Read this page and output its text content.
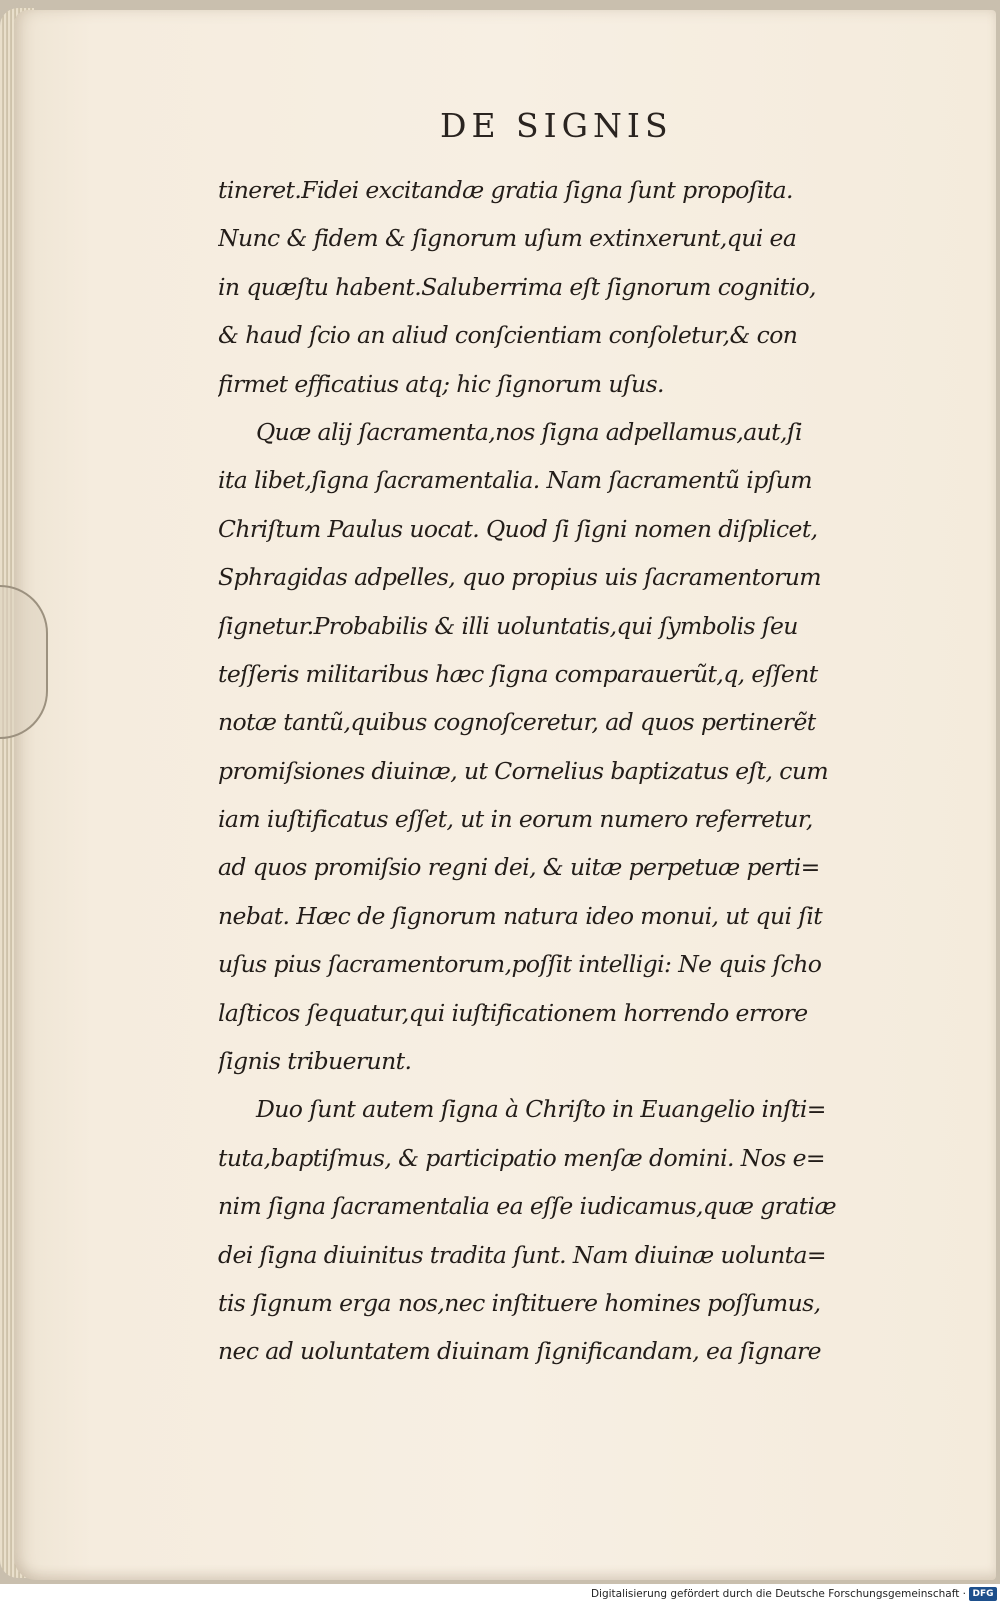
DE SIGNIS
tineret.Fidei excitandæ gratia ſigna ſunt propoſita.
Nunc & fidem & ſignorum uſum extinxerunt,qui ea
in quæſtu habent.Saluberrima eſt ſignorum cognitio,
& haud ſcio an aliud conſcientiam conſoletur,& con
firmet efficatius atq; hic ſignorum uſus.
Quæ alij ſacramenta,nos ſigna adpellamus,aut,ſi
ita libet,ſigna ſacramentalia. Nam ſacramentũ ipſum
Chriſtum Paulus uocat. Quod ſi ſigni nomen diſplicet,
Sphragidas adpelles, quo propius uis ſacramentorum
ſignetur.Probabilis & illi uoluntatis,qui ſymbolis ſeu
teſſeris militaribus hæc ſigna comparauerũt,q, eſſent
notæ tantũ,quibus cognoſceretur, ad quos pertinerẽt
promiſsiones diuinæ, ut Cornelius baptizatus eſt, cum
iam iuſtificatus eſſet, ut in eorum numero referretur,
ad quos promiſsio regni dei, & uitæ perpetuæ perti=
nebat. Hæc de ſignorum natura ideo monui, ut qui ſit
uſus pius ſacramentorum,poſſit intelligi: Ne quis ſcho
laſticos ſequatur,qui iuſtificationem horrendo errore
ſignis tribuerunt.
Duo ſunt autem ſigna à Chriſto in Euangelio inſti=
tuta,baptiſmus, & participatio menſæ domini. Nos e=
nim ſigna ſacramentalia ea eſſe iudicamus,quæ gratiæ
dei ſigna diuinitus tradita ſunt. Nam diuinæ uolunta=
tis ſignum erga nos,nec inſtituere homines poſſumus,
nec ad uoluntatem diuinam ſignificandam, ea ſignare
Digitalisierung gefördert durch die Deutsche Forschungsgemeinschaft · DFG
